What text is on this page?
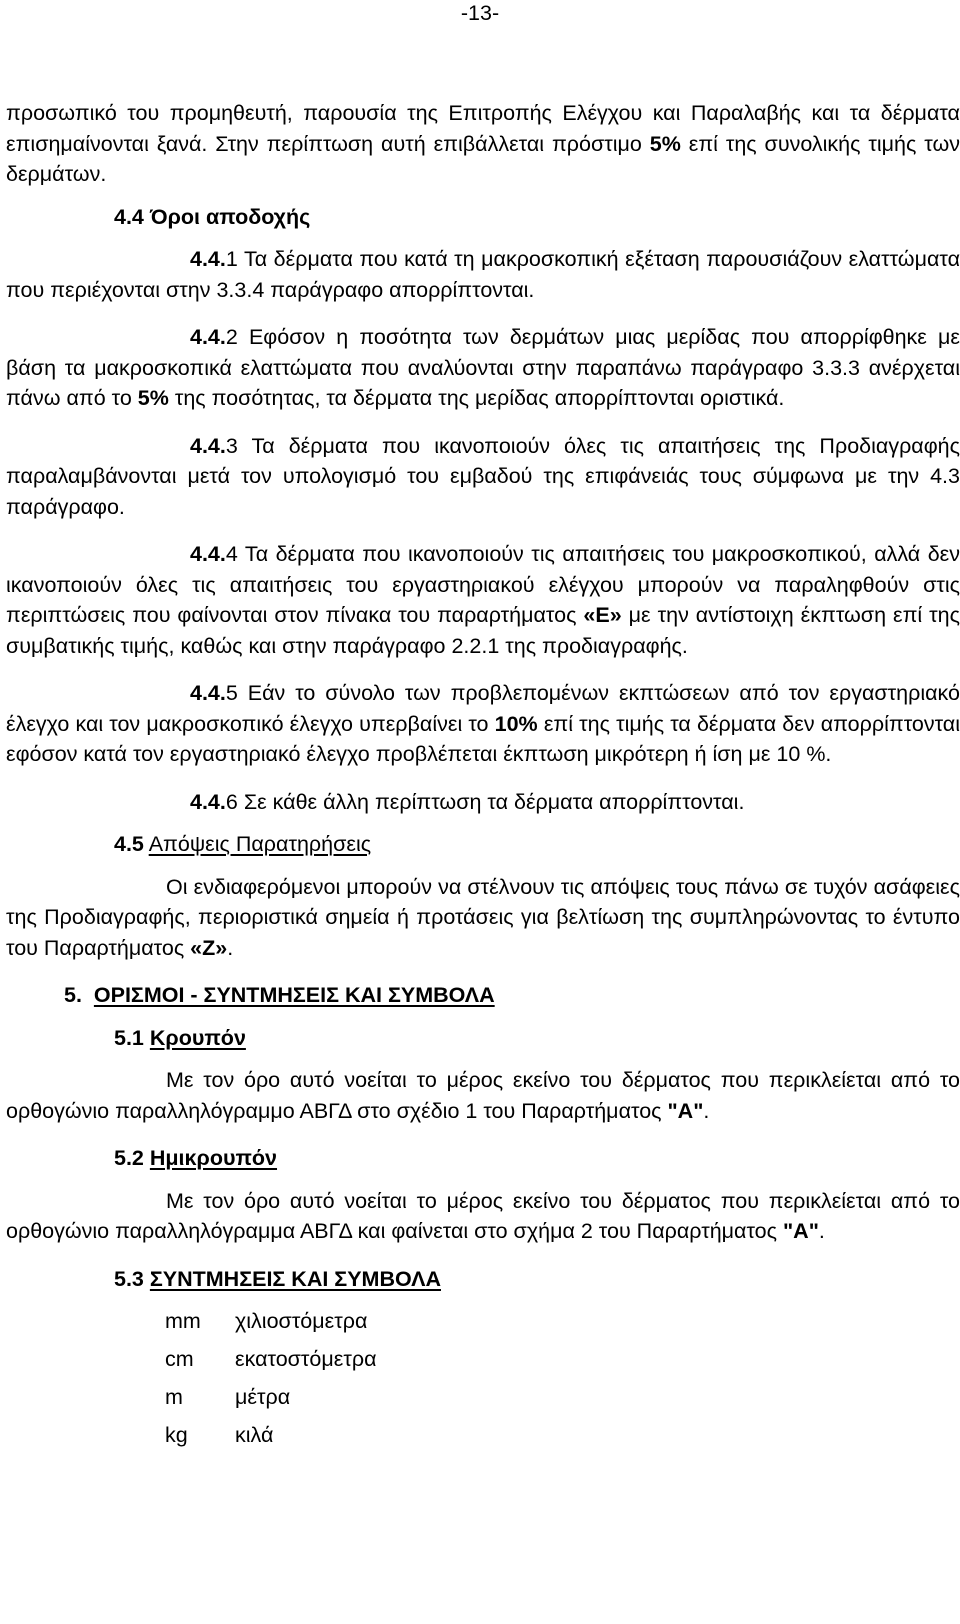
-13-

προσωπικό του προμηθευτή, παρουσία της Επιτροπής Ελέγχου και Παραλαβής και τα δέρματα επισημαίνονται ξανά. Στην περίπτωση αυτή επιβάλλεται πρόστιμο 5% επί της συνολικής τιμής των δερμάτων.

4.4 Όροι αποδοχής

4.4.1 Τα δέρματα που κατά τη μακροσκοπική εξέταση παρουσιάζουν ελαττώματα που περιέχονται στην 3.3.4 παράγραφο απορρίπτονται.

4.4.2 Εφόσον η ποσότητα των δερμάτων μιας μερίδας που απορρίφθηκε με βάση τα μακροσκοπικά ελαττώματα που αναλύονται στην παραπάνω παράγραφο 3.3.3 ανέρχεται πάνω από το 5% της ποσότητας, τα δέρματα της μερίδας απορρίπτονται οριστικά.

4.4.3 Τα δέρματα που ικανοποιούν όλες τις απαιτήσεις της Προδιαγραφής παραλαμβάνονται μετά τον υπολογισμό του εμβαδού της επιφάνειάς τους σύμφωνα με την 4.3 παράγραφο.

4.4.4 Τα δέρματα που ικανοποιούν τις απαιτήσεις του μακροσκοπικού, αλλά δεν ικανοποιούν όλες τις απαιτήσεις του εργαστηριακού ελέγχου μπορούν να παραληφθούν στις περιπτώσεις που φαίνονται στον πίνακα του παραρτήματος «Ε» με την αντίστοιχη έκπτωση επί της συμβατικής τιμής, καθώς και στην παράγραφο 2.2.1 της προδιαγραφής.

4.4.5 Εάν το σύνολο των προβλεπομένων εκπτώσεων από τον εργαστηριακό έλεγχο και τον μακροσκοπικό έλεγχο υπερβαίνει το 10% επί της τιμής τα δέρματα δεν απορρίπτονται εφόσον κατά τον εργαστηριακό έλεγχο προβλέπεται έκπτωση μικρότερη ή ίση με 10 %.

4.4.6 Σε κάθε άλλη περίπτωση τα δέρματα απορρίπτονται.

4.5 Απόψεις Παρατηρήσεις

Οι ενδιαφερόμενοι μπορούν να στέλνουν τις απόψεις τους πάνω σε τυχόν ασάφειες της Προδιαγραφής, περιοριστικά σημεία ή προτάσεις για βελτίωση της συμπληρώνοντας το έντυπο του Παραρτήματος «Ζ».

5. ΟΡΙΣΜΟΙ - ΣΥΝΤΜΗΣΕΙΣ ΚΑΙ ΣΥΜΒΟΛΑ
5.1 Κρουπόν

Με τον όρο αυτό νοείται το μέρος εκείνο του δέρματος που περικλείεται από το ορθογώνιο παραλληλόγραμμο ΑΒΓΔ στο σχέδιο 1 του Παραρτήματος "Α".

5.2 Ημικρουπόν

Με τον όρο αυτό νοείται το μέρος εκείνο του δέρματος που περικλείεται από το ορθογώνιο παραλληλόγραμμα ΑΒΓΔ και φαίνεται στο σχήμα 2 του Παραρτήματος "Α".

5.3 ΣΥΝΤΜΗΣΕΙΣ ΚΑΙ ΣΥΜΒΟΛΑ
mm	χιλιοστόμετρα
cm	εκατοστόμετρα
m	μέτρα
kg	κιλά
